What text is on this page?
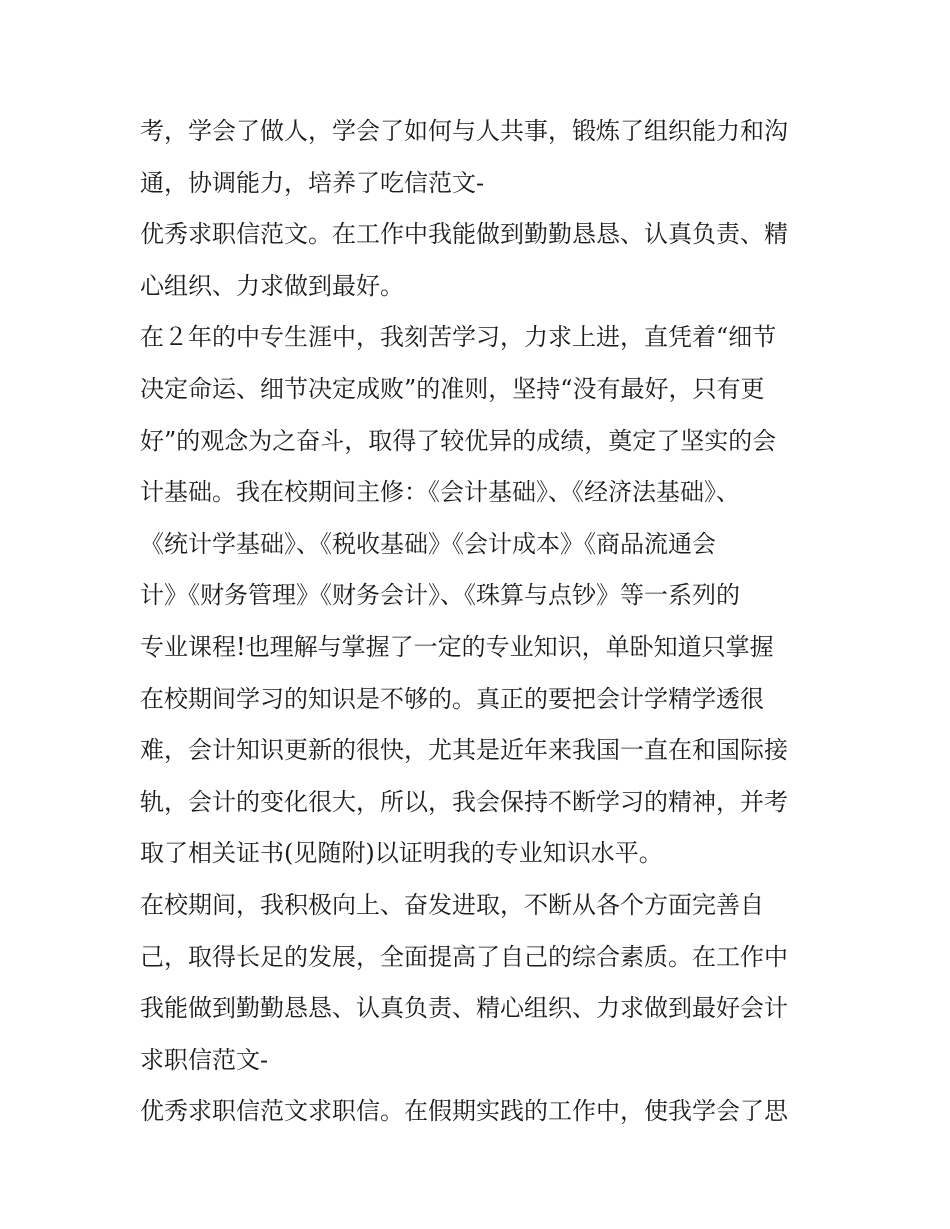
考，学会了做人，学会了如何与人共事，锻炼了组织能力和沟
通，协调能力，培养了吃信范文-
优秀求职信范文。在工作中我能做到勤勤恳恳、认真负责、精
心组织、力求做到最好。
在２年的中专生涯中，我刻苦学习，力求上进，直凭着“细节
决定命运、细节决定成败”的准则，坚持“没有最好，只有更
好”的观念为之奋斗，取得了较优异的成绩，奠定了坚实的会
计基础。我在校期间主修：《会计基础》、《经济法基础》、
《统计学基础》、《税收基础》《会计成本》《商品流通会
计》《财务管理》《财务会计》、《珠算与点钞》等一系列的
专业课程!也理解与掌握了一定的专业知识，单卧知道只掌握
在校期间学习的知识是不够的。真正的要把会计学精学透很
难，会计知识更新的很快，尤其是近年来我国一直在和国际接
轨，会计的变化很大，所以，我会保持不断学习的精神，并考
取了相关证书(见随附)以证明我的专业知识水平。
在校期间，我积极向上、奋发进取，不断从各个方面完善自
己，取得长足的发展，全面提高了自己的综合素质。在工作中
我能做到勤勤恳恳、认真负责、精心组织、力求做到最好会计
求职信范文-
优秀求职信范文求职信。在假期实践的工作中，使我学会了思
